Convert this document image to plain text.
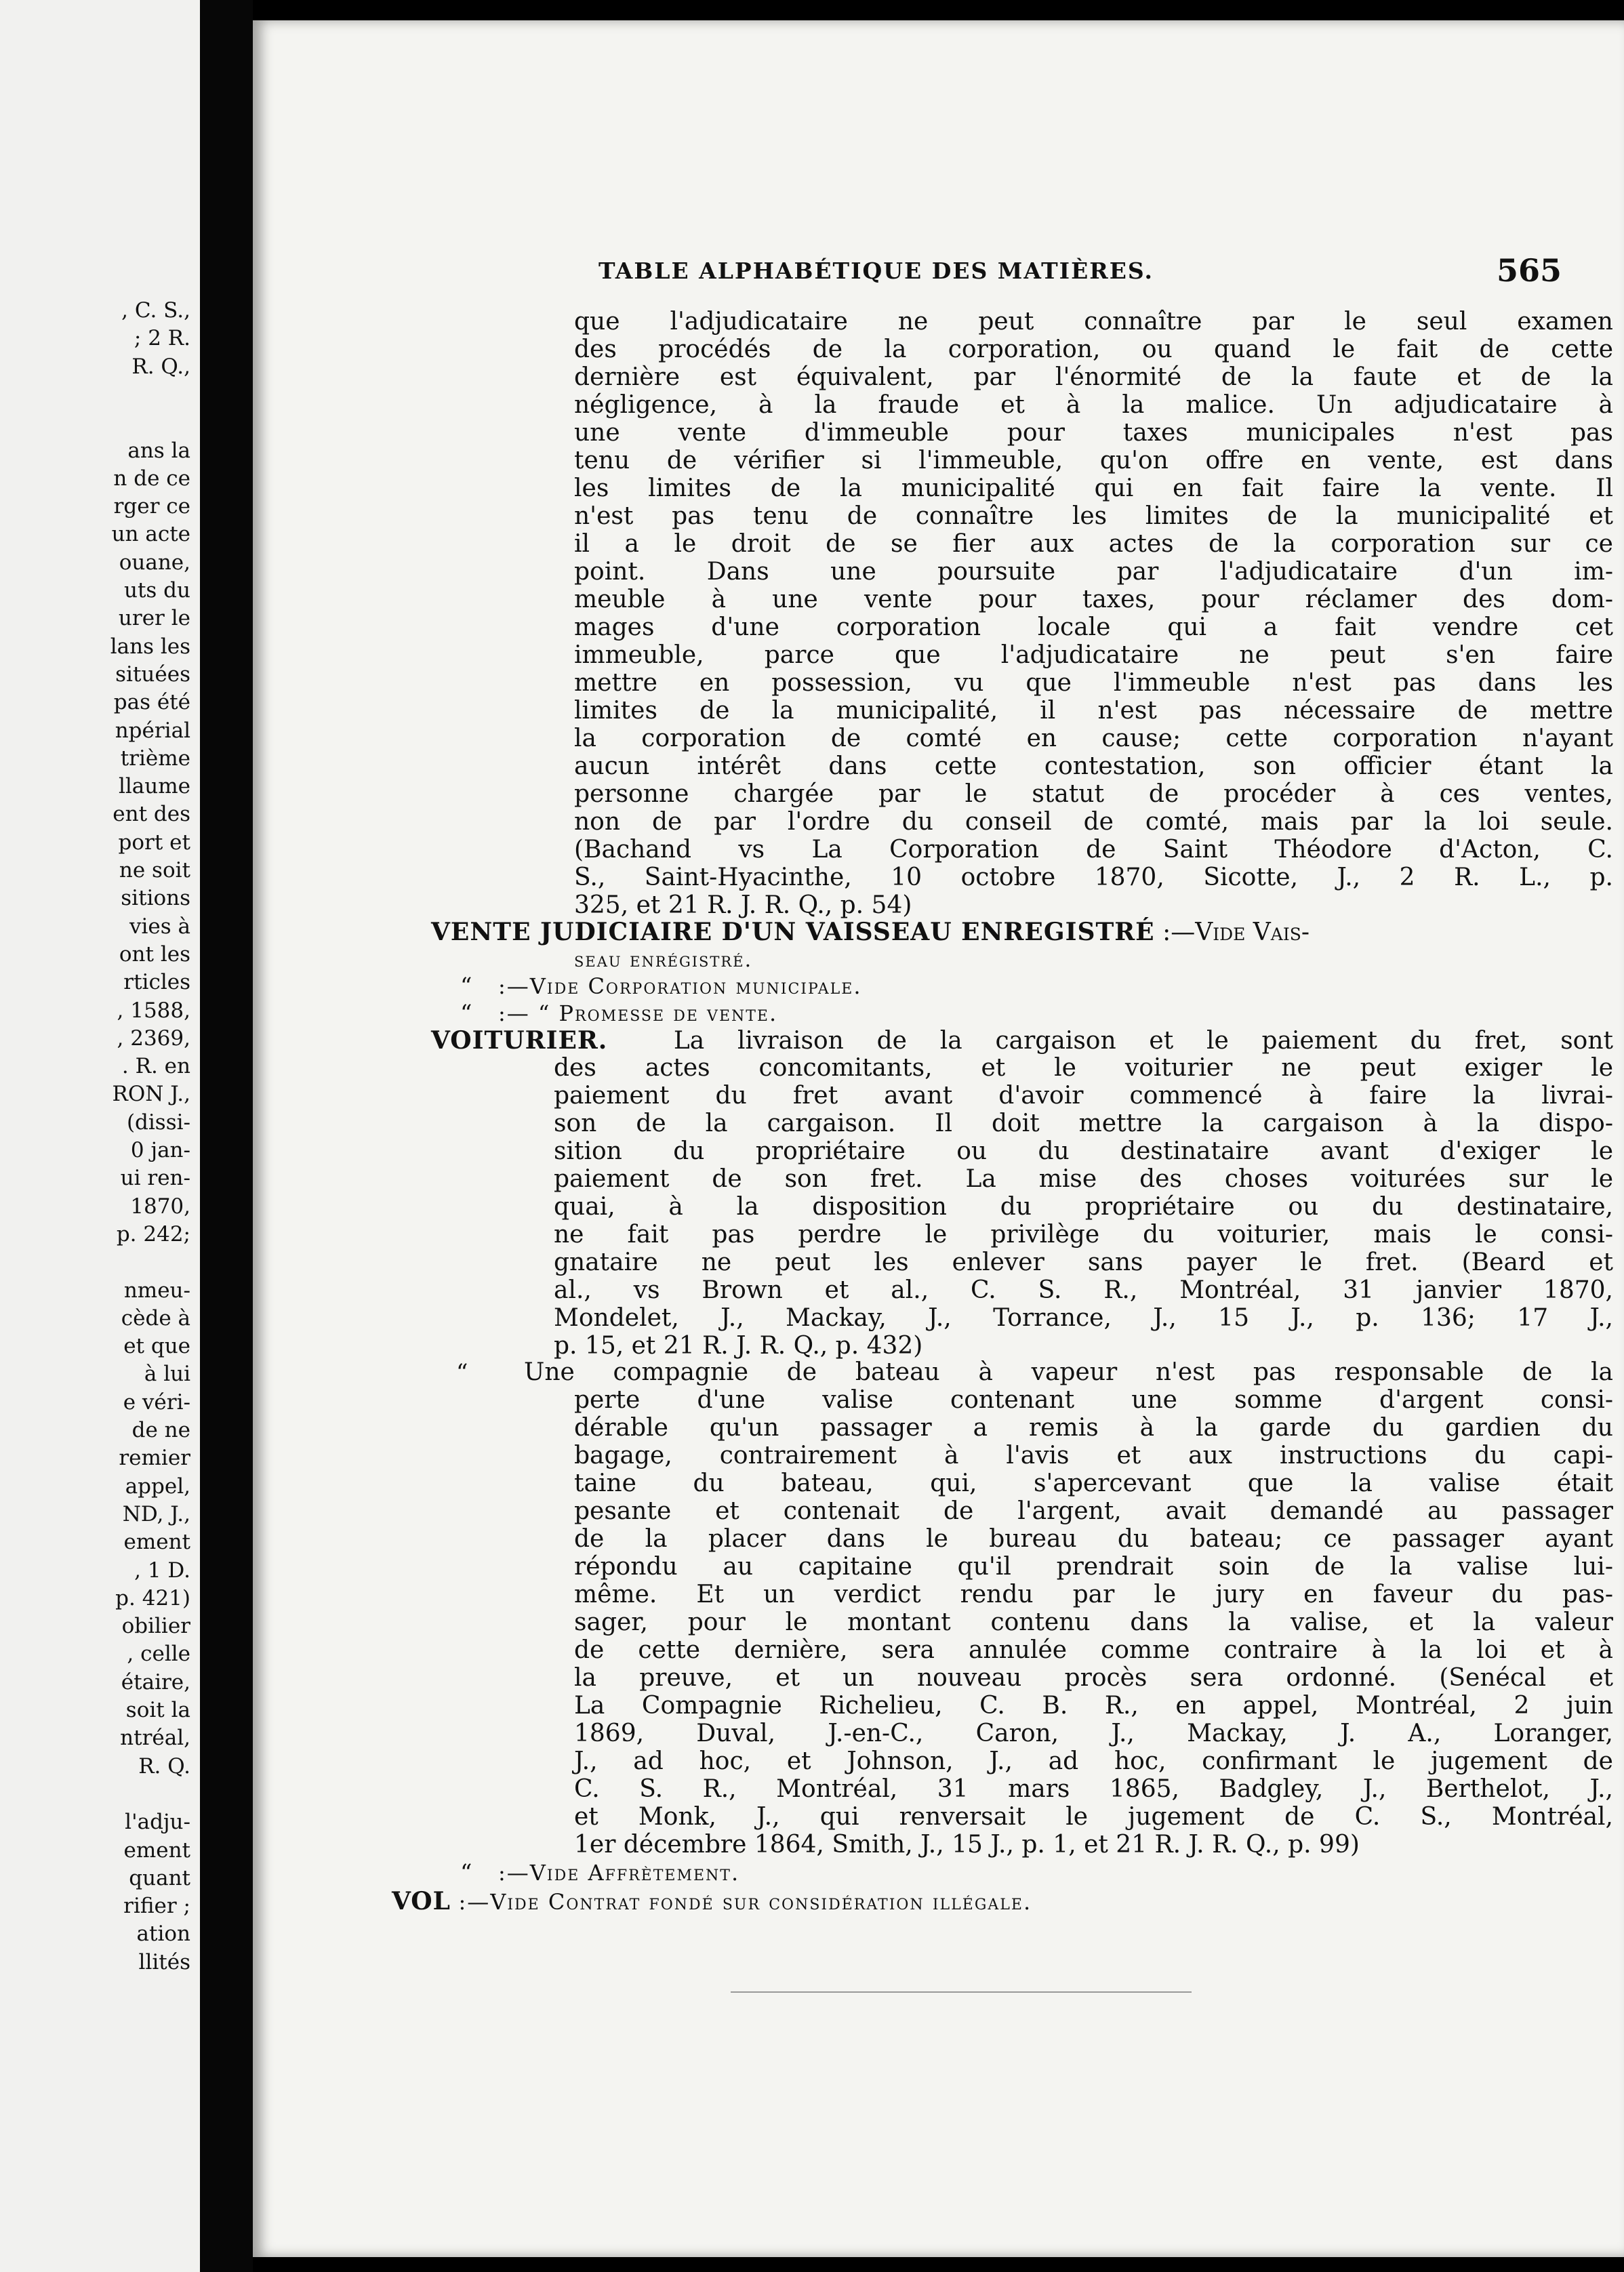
, C. S.,
; 2 R.
R. Q.,
ans la
n de ce
rger ce
un acte
ouane,
uts du
urer le
lans les
situées
pas été
npérial
trième
llaume
ent des
port et
ne soit
sitions
vies à
ont les
rticles
, 1588,
, 2369,
. R. en
RON J.,
(dissi-
0 jan-
ui ren-
1870,
p. 242;
nmeu-
cède à
et que
à lui
e véri-
de ne
remier
appel,
ND, J.,
ement
, 1 D.
p. 421)
obilier
, celle
étaire,
soit la
ntréal,
R. Q.
l'adju-
ement
quant
rifier ;
ation
llités
TABLE ALPHABÉTIQUE DES MATIÈRES.	565
que l'adjudicataire ne peut connaître par le seul examen
des procédés de la corporation, ou quand le fait de cette
dernière est équivalent, par l'énormité de la faute et de la
négligence, à la fraude et à la malice. Un adjudicataire à
une vente d'immeuble pour taxes municipales n'est pas
tenu de vérifier si l'immeuble, qu'on offre en vente, est dans
les limites de la municipalité qui en fait faire la vente. Il
n'est pas tenu de connaître les limites de la municipalité et
il a le droit de se fier aux actes de la corporation sur ce
point. Dans une poursuite par l'adjudicataire d'un im-
meuble à une vente pour taxes, pour réclamer des dom-
mages d'une corporation locale qui a fait vendre cet
immeuble, parce que l'adjudicataire ne peut s'en faire
mettre en possession, vu que l'immeuble n'est pas dans les
limites de la municipalité, il n'est pas nécessaire de mettre
la corporation de comté en cause; cette corporation n'ayant
aucun intérêt dans cette contestation, son officier étant la
personne chargée par le statut de procéder à ces ventes,
non de par l'ordre du conseil de comté, mais par la loi seule.
(Bachand vs La Corporation de Saint Théodore d'Acton, C.
S., Saint-Hyacinthe, 10 octobre 1870, Sicotte, J., 2 R. L., p.
325, et 21 R. J. R. Q., p. 54)
VENTE JUDICIAIRE D'UN VAISSEAU ENREGISTRÉ :—Vide Vais-
seau enrégistré.
“ :—Vide Corporation municipale.
“ :— “ Promesse de vente.
VOITURIER.	La livraison de la cargaison et le paiement du fret, sont
des actes concomitants, et le voiturier ne peut exiger le
paiement du fret avant d'avoir commencé à faire la livrai-
son de la cargaison. Il doit mettre la cargaison à la dispo-
sition du propriétaire ou du destinataire avant d'exiger le
paiement de son fret. La mise des choses voiturées sur le
quai, à la disposition du propriétaire ou du destinataire,
ne fait pas perdre le privilège du voiturier, mais le consi-
gnataire ne peut les enlever sans payer le fret. (Beard et
al., vs Brown et al., C. S. R., Montréal, 31 janvier 1870,
Mondelet, J., Mackay, J., Torrance, J., 15 J., p. 136; 17 J.,
p. 15, et 21 R. J. R. Q., p. 432)
“ Une compagnie de bateau à vapeur n'est pas responsable de la
perte d'une valise contenant une somme d'argent consi-
dérable qu'un passager a remis à la garde du gardien du
bagage, contrairement à l'avis et aux instructions du capi-
taine du bateau, qui, s'apercevant que la valise était
pesante et contenait de l'argent, avait demandé au passager
de la placer dans le bureau du bateau; ce passager ayant
répondu au capitaine qu'il prendrait soin de la valise lui-
même. Et un verdict rendu par le jury en faveur du pas-
sager, pour le montant contenu dans la valise, et la valeur
de cette dernière, sera annulée comme contraire à la loi et à
la preuve, et un nouveau procès sera ordonné. (Senécal et
La Compagnie Richelieu, C. B. R., en appel, Montréal, 2 juin
1869, Duval, J.-en-C., Caron, J., Mackay, J. A., Loranger,
J., ad hoc, et Johnson, J., ad hoc, confirmant le jugement de
C. S. R., Montréal, 31 mars 1865, Badgley, J., Berthelot, J.,
et Monk, J., qui renversait le jugement de C. S., Montréal,
1er décembre 1864, Smith, J., 15 J., p. 1, et 21 R. J. R. Q., p. 99)
“ :—Vide Affrètement.
VOL :—Vide Contrat fondé sur considération illégale.
